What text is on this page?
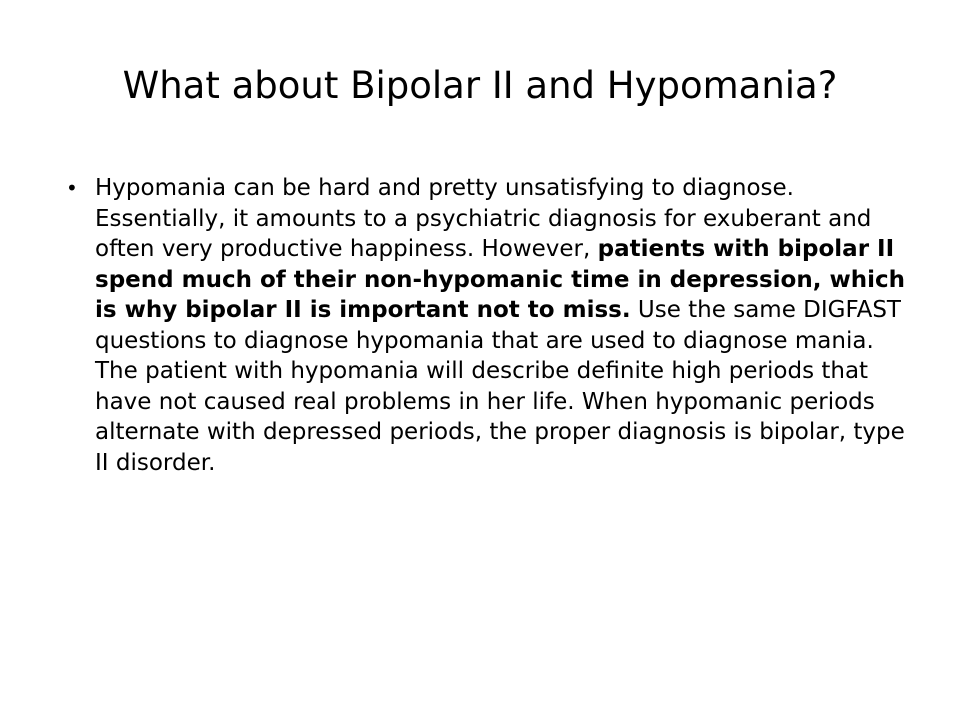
What about Bipolar II and Hypomania?
• Hypomania can be hard and pretty unsatisfying to diagnose. Essentially, it amounts to a psychiatric diagnosis for exuberant and often very productive happiness. However, patients with bipolar II spend much of their non-hypomanic time in depression, which is why bipolar II is important not to miss. Use the same DIGFAST questions to diagnose hypomania that are used to diagnose mania. The patient with hypomania will describe definite high periods that have not caused real problems in her life. When hypomanic periods alternate with depressed periods, the proper diagnosis is bipolar, type II disorder.
